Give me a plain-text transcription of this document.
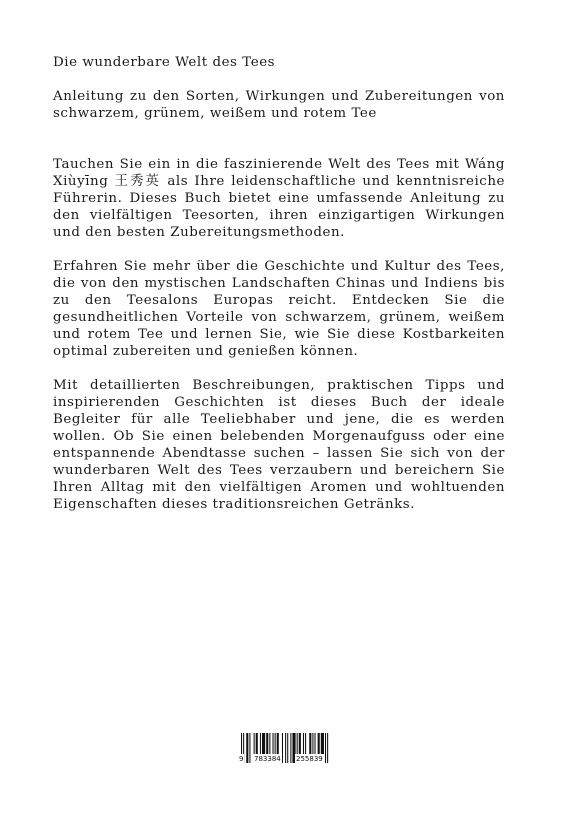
Die wunderbare Welt des Tees

Anleitung zu den Sorten, Wirkungen und Zubereitungen von schwarzem, grünem, weißem und rotem Tee

Tauchen Sie ein in die faszinierende Welt des Tees mit Wáng Xiùyīng 王秀英 als Ihre leidenschaftliche und kenntnisreiche Führerin. Dieses Buch bietet eine umfassende Anleitung zu den vielfältigen Teesorten, ihren einzigartigen Wirkungen und den besten Zubereitungsmethoden.

Erfahren Sie mehr über die Geschichte und Kultur des Tees, die von den mystischen Landschaften Chinas und Indiens bis zu den Teesalons Europas reicht. Entdecken Sie die gesundheitlichen Vorteile von schwarzem, grünem, weißem und rotem Tee und lernen Sie, wie Sie diese Kostbarkeiten optimal zubereiten und genießen können.

Mit detaillierten Beschreibungen, praktischen Tipps und inspirierenden Geschichten ist dieses Buch der ideale Begleiter für alle Teeliebhaber und jene, die es werden wollen. Ob Sie einen belebenden Morgenaufguss oder eine entspannende Abendtasse suchen – lassen Sie sich von der wunderbaren Welt des Tees verzaubern und bereichern Sie Ihren Alltag mit den vielfältigen Aromen und wohltuenden Eigenschaften dieses traditionsreichen Getränks.

9 783384 255839
